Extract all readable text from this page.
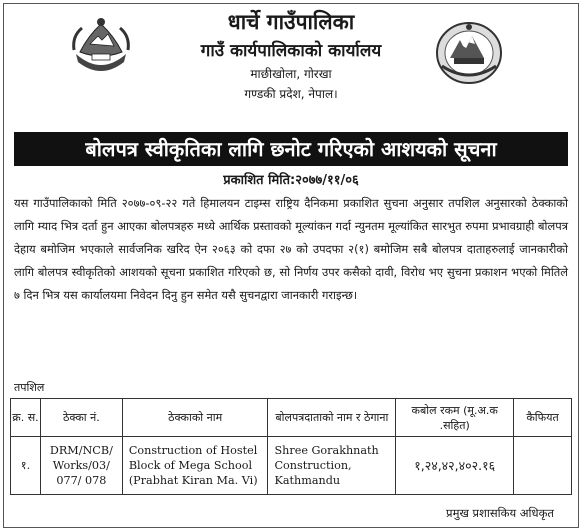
धार्चे गाउँपालिका
गाउँ कार्यपालिकाको कार्यालय
माछीखोला, गोरखा
गण्डकी प्रदेश, नेपाल।
बोलपत्र स्वीकृतिका लागि छनोट गरिएको आशयको सूचना
प्रकाशित मिति:२०७७/११/०६
यस गाउँपालिकाको मिति २०७७-०९-२२ गते हिमालयन टाइम्स राष्ट्रिय दैनिकमा प्रकाशित सुचना अनुसार तपशिल अनुसारको ठेक्काको लागि म्याद भित्र दर्ता हुन आएका बोलपत्रहरु मध्ये आर्थिक प्रस्तावको मूल्यांकन गर्दा न्युनतम मूल्यांकित सारभुत रुपमा प्रभावग्राही बोलपत्र देहाय बमोजिम भएकाले सार्वजनिक खरिद ऐन २०६३ को दफा २७ को उपदफा २(१) बमोजिम सबै बोलपत्र दाताहरुलाई जानकारीको लागि बोलपत्र स्वीकृतिको आशयको सूचना प्रकाशित गरिएको छ, सो निर्णय उपर कसैको दावी, विरोध भए सुचना प्रकाशन भएको मितिले ७ दिन भित्र यस कार्यालयमा निवेदन दिनु हुन समेत यसै सुचनद्वारा जानकारी गराइन्छ।
तपशिल
क्र. स.	ठेक्का नं.	ठेक्काको नाम	बोलपत्रदाताको नाम र ठेगाना	कबोल रकम (मू.अ.क .सहित)	कैफियत
१.	DRM/NCB/ Works/03/ 077/ 078	Construction of Hostel Block of Mega School (Prabhat Kiran Ma. Vi)	Shree Gorakhnath Construction, Kathmandu	१,२४,४२,४०२.१६	
प्रमुख प्रशासकिय अधिकृत
